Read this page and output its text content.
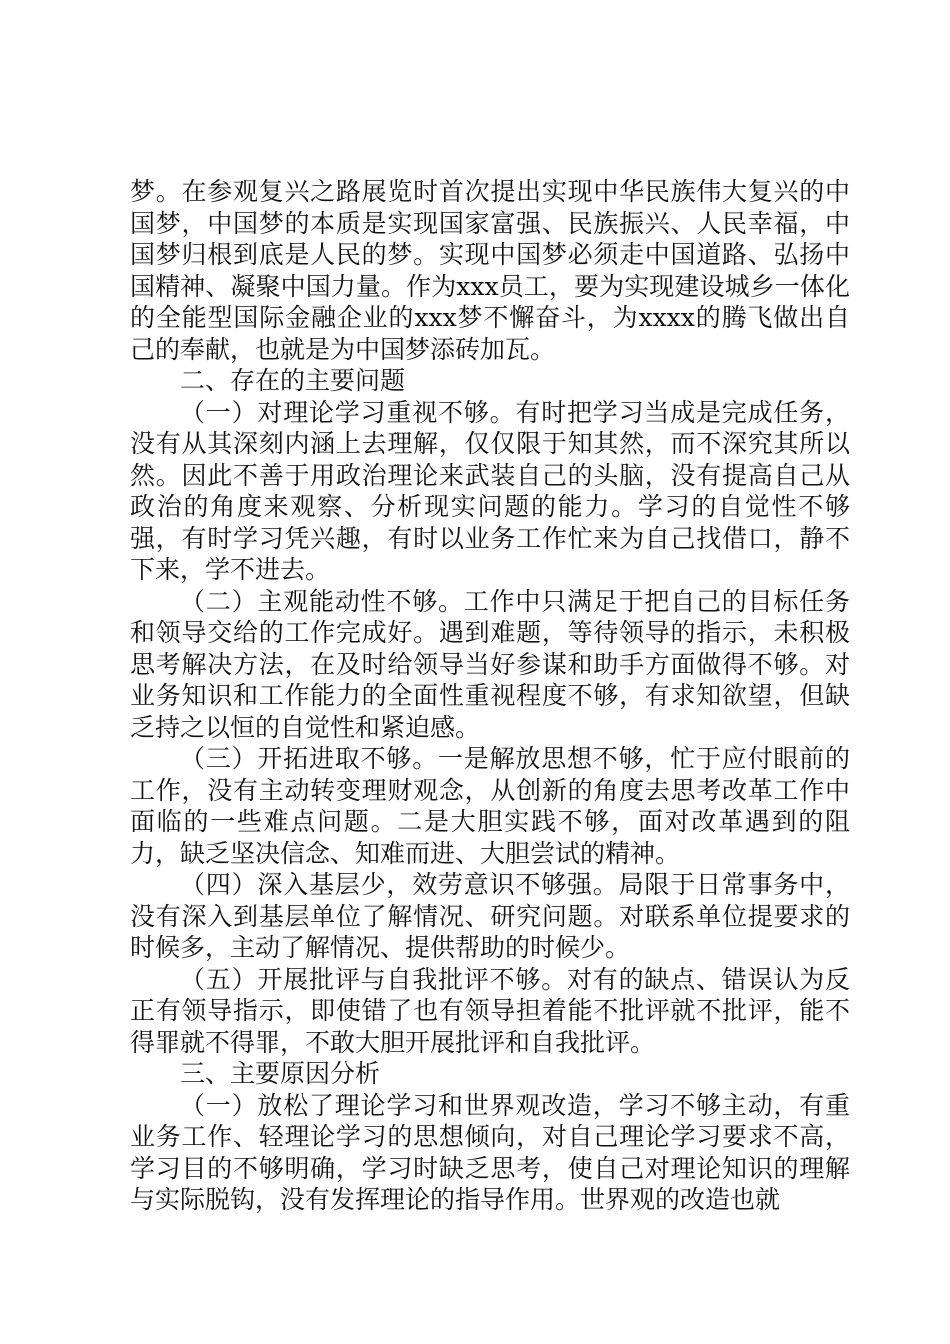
梦。在参观复兴之路展览时首次提出实现中华民族伟大复兴的中国梦，中国梦的本质是实现国家富强、民族振兴、人民幸福，中国梦归根到底是人民的梦。实现中国梦必须走中国道路、弘扬中国精神、凝聚中国力量。作为xxx员工，要为实现建设城乡一体化的全能型国际金融企业的xxx梦不懈奋斗，为xxxx的腾飞做出自己的奉献，也就是为中国梦添砖加瓦。

二、存在的主要问题

（一）对理论学习重视不够。有时把学习当成是完成任务，没有从其深刻内涵上去理解，仅仅限于知其然，而不深究其所以然。因此不善于用政治理论来武装自己的头脑，没有提高自己从政治的角度来观察、分析现实问题的能力。学习的自觉性不够强，有时学习凭兴趣，有时以业务工作忙来为自己找借口，静不下来，学不进去。

（二）主观能动性不够。工作中只满足于把自己的目标任务和领导交给的工作完成好。遇到难题，等待领导的指示，未积极思考解决方法，在及时给领导当好参谋和助手方面做得不够。对业务知识和工作能力的全面性重视程度不够，有求知欲望，但缺乏持之以恒的自觉性和紧迫感。

（三）开拓进取不够。一是解放思想不够，忙于应付眼前的工作，没有主动转变理财观念，从创新的角度去思考改革工作中面临的一些难点问题。二是大胆实践不够，面对改革遇到的阻力，缺乏坚决信念、知难而进、大胆尝试的精神。

（四）深入基层少，效劳意识不够强。局限于日常事务中，没有深入到基层单位了解情况、研究问题。对联系单位提要求的时候多，主动了解情况、提供帮助的时候少。

（五）开展批评与自我批评不够。对有的缺点、错误认为反正有领导指示，即使错了也有领导担着能不批评就不批评，能不得罪就不得罪，不敢大胆开展批评和自我批评。

三、主要原因分析

（一）放松了理论学习和世界观改造，学习不够主动，有重业务工作、轻理论学习的思想倾向，对自己理论学习要求不高，学习目的不够明确，学习时缺乏思考，使自己对理论知识的理解与实际脱钩，没有发挥理论的指导作用。世界观的改造也就
